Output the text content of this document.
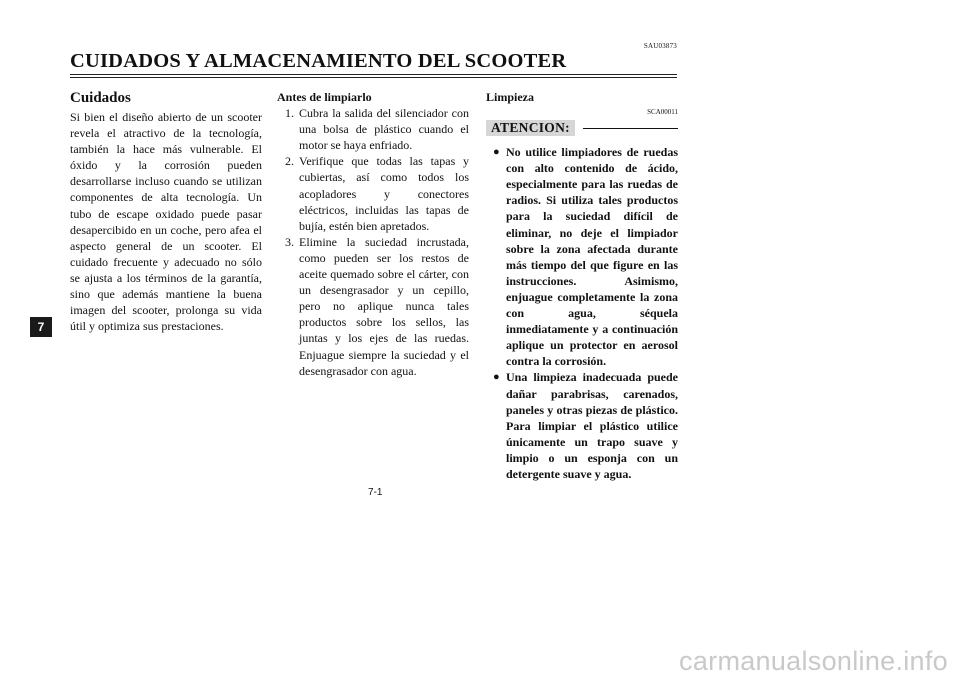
SAU03873
CUIDADOS Y ALMACENAMIENTO DEL SCOOTER
7
Cuidados

Si bien el diseño abierto de un scooter revela el atractivo de la tecnología, también la hace más vulnerable. El óxido y la corrosión pueden desarrollarse incluso cuando se utilizan componentes de alta tecnología. Un tubo de escape oxidado puede pasar desapercibido en un coche, pero afea el aspecto general de un scooter. El cuidado frecuente y adecuado no sólo se ajusta a los términos de la garantía, sino que además mantiene la buena imagen del scooter, prolonga su vida útil y optimiza sus prestaciones.

Antes de limpiarlo

1. Cubra la salida del silenciador con una bolsa de plástico cuando el motor se haya enfriado.
2. Verifique que todas las tapas y cubiertas, así como todos los acopladores y conectores eléctricos, incluidas las tapas de bujía, estén bien apretados.
3. Elimine la suciedad incrustada, como pueden ser los restos de aceite quemado sobre el cárter, con un desengrasador y un cepillo, pero no aplique nunca tales productos sobre los sellos, las juntas y los ejes de las ruedas. Enjuague siempre la suciedad y el desengrasador con agua.

Limpieza

SCA00011
ATENCION:
● No utilice limpiadores de ruedas con alto contenido de ácido, especialmente para las ruedas de radios. Si utiliza tales productos para la suciedad difícil de eliminar, no deje el limpiador sobre la zona afectada durante más tiempo del que figure en las instrucciones. Asimismo, enjuague completamente la zona con agua, séquela inmediatamente y a continuación aplique un protector en aerosol contra la corrosión.
● Una limpieza inadecuada puede dañar parabrisas, carenados, paneles y otras piezas de plástico. Para limpiar el plástico utilice únicamente un trapo suave y limpio o un esponja con un detergente suave y agua.
7-1
carmanualsonline.info
